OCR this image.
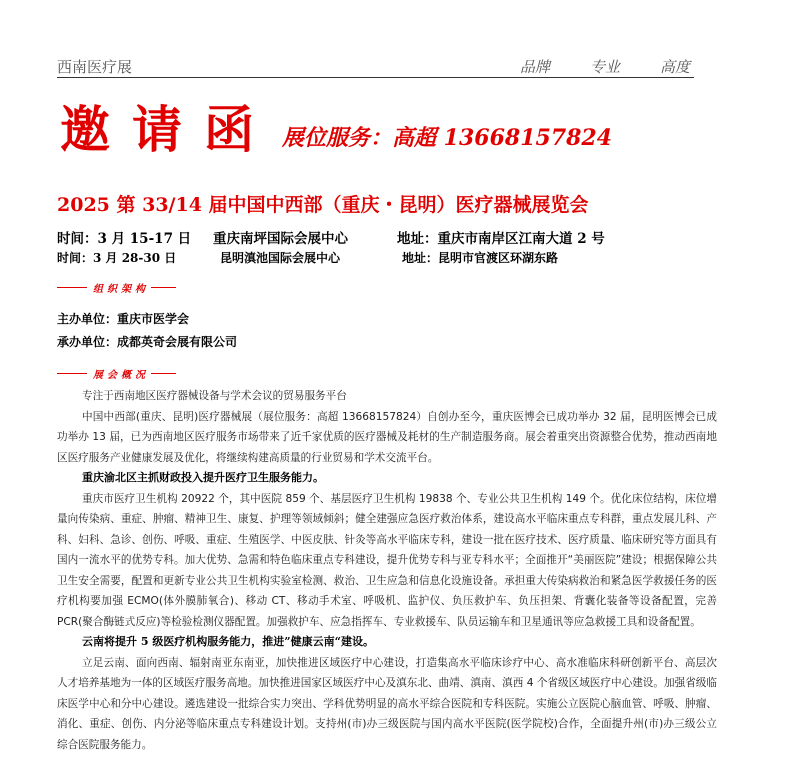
西南医疗展	品牌	专业	高度
邀请函 展位服务：高超 13668157824
2025 第 33/14 届中国中西部（重庆・昆明）医疗器械展览会
时间：3 月 15-17 日 重庆南坪国际会展中心	地址：重庆市南岸区江南大道 2 号
时间：3 月 28-30 日	昆明滇池国际会展中心	地址：昆明市官渡区环湖东路
组织架构
主办单位：重庆市医学会
承办单位：成都英奇会展有限公司
展会概况

专注于西南地区医疗器械设备与学术会议的贸易服务平台

中国中西部(重庆、昆明)医疗器械展（展位服务：高超 13668157824）自创办至今，重庆医博会已成功举办 32 届，昆明医博会已成功举办 13 届，已为西南地区医疗服务市场带来了近千家优质的医疗器械及耗材的生产制造服务商。展会着重突出资源整合优势，推动西南地区医疗服务产业健康发展及优化，将继续构建高质量的行业贸易和学术交流平台。

重庆渝北区主抓财政投入提升医疗卫生服务能力。

重庆市医疗卫生机构 20922 个，其中医院 859 个、基层医疗卫生机构 19838 个、专业公共卫生机构 149 个。优化床位结构，床位增量向传染病、重症、肿瘤、精神卫生、康复、护理等领域倾斜；健全建强应急医疗救治体系，建设高水平临床重点专科群，重点发展儿科、产科、妇科、急诊、创伤、呼吸、重症、生殖医学、中医皮肤、针灸等高水平临床专科，建设一批在医疗技术、医疗质量、临床研究等方面具有国内一流水平的优势专科。加大优势、急需和特色临床重点专科建设，提升优势专科与亚专科水平；全面推开“美丽医院”建设；根据保障公共卫生安全需要，配置和更新专业公共卫生机构实验室检测、救治、卫生应急和信息化设施设备。承担重大传染病救治和紧急医学救援任务的医疗机构要加强 ECMO(体外膜肺氧合)、移动 CT、移动手术室、呼吸机、监护仪、负压救护车、负压担架、背囊化装备等设备配置，完善 PCR(聚合酶链式反应)等检验检测仪器配置。加强救护车、应急指挥车、专业救援车、队员运输车和卫星通讯等应急救援工具和设备配置。

云南将提升 5 级医疗机构服务能力，推进”健康云南“建设。

立足云南、面向西南、辐射南亚东南亚，加快推进区域医疗中心建设，打造集高水平临床诊疗中心、高水准临床科研创新平台、高层次人才培养基地为一体的区域医疗服务高地。加快推进国家区域医疗中心及滇东北、曲靖、滇南、滇西 4 个省级区域医疗中心建设。加强省级临床医学中心和分中心建设。遴选建设一批综合实力突出、学科优势明显的高水平综合医院和专科医院。实施公立医院心脑血管、呼吸、肿瘤、消化、重症、创伤、内分泌等临床重点专科建设计划。支持州(市)办三级医院与国内高水平医院(医学院校)合作，全面提升州(市)办三级公立综合医院服务能力。
